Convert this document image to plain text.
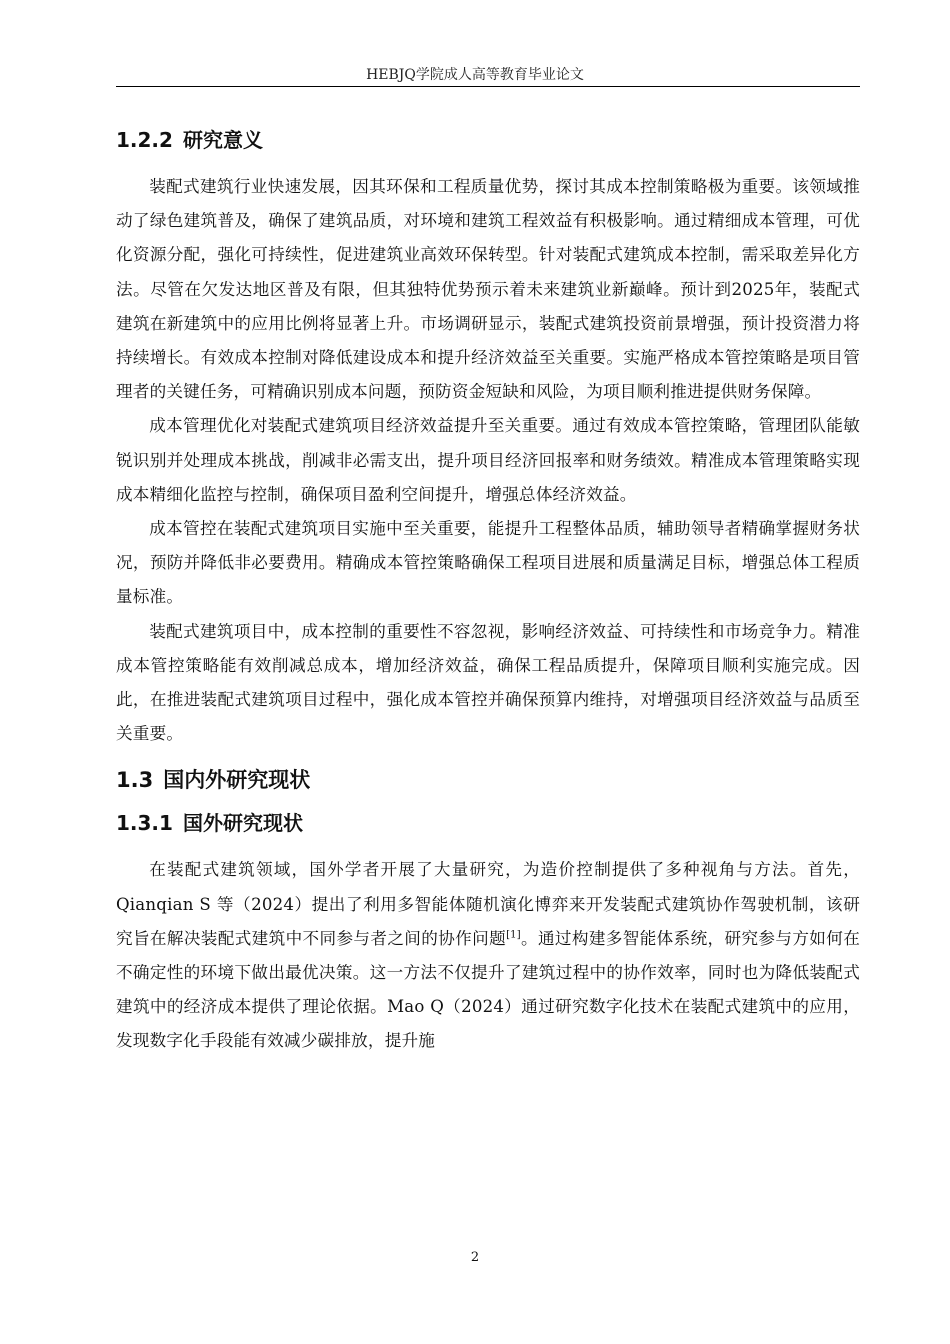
HEBJQ学院成人高等教育毕业论文
1.2.2 研究意义

装配式建筑行业快速发展，因其环保和工程质量优势，探讨其成本控制策略极为重要。该领域推动了绿色建筑普及，确保了建筑品质，对环境和建筑工程效益有积极影响。通过精细成本管理，可优化资源分配，强化可持续性，促进建筑业高效环保转型。针对装配式建筑成本控制，需采取差异化方法。尽管在欠发达地区普及有限，但其独特优势预示着未来建筑业新巅峰。预计到2025年，装配式建筑在新建筑中的应用比例将显著上升。市场调研显示，装配式建筑投资前景增强，预计投资潜力将持续增长。有效成本控制对降低建设成本和提升经济效益至关重要。实施严格成本管控策略是项目管理者的关键任务，可精确识别成本问题，预防资金短缺和风险，为项目顺利推进提供财务保障。

成本管理优化对装配式建筑项目经济效益提升至关重要。通过有效成本管控策略，管理团队能敏锐识别并处理成本挑战，削减非必需支出，提升项目经济回报率和财务绩效。精准成本管理策略实现成本精细化监控与控制，确保项目盈利空间提升，增强总体经济效益。

成本管控在装配式建筑项目实施中至关重要，能提升工程整体品质，辅助领导者精确掌握财务状况，预防并降低非必要费用。精确成本管控策略确保工程项目进展和质量满足目标，增强总体工程质量标准。

装配式建筑项目中，成本控制的重要性不容忽视，影响经济效益、可持续性和市场竞争力。精准成本管控策略能有效削减总成本，增加经济效益，确保工程品质提升，保障项目顺利实施完成。因此，在推进装配式建筑项目过程中，强化成本管控并确保预算内维持，对增强项目经济效益与品质至关重要。

1.3 国内外研究现状
1.3.1 国外研究现状

在装配式建筑领域，国外学者开展了大量研究，为造价控制提供了多种视角与方法。首先，Qianqian S 等（2024）提出了利用多智能体随机演化博弈来开发装配式建筑协作驾驶机制，该研究旨在解决装配式建筑中不同参与者之间的协作问题[1]。通过构建多智能体系统，研究参与方如何在不确定性的环境下做出最优决策。这一方法不仅提升了建筑过程中的协作效率，同时也为降低装配式建筑中的经济成本提供了理论依据。Mao Q（2024）通过研究数字化技术在装配式建筑中的应用，发现数字化手段能有效减少碳排放，提升施

2
